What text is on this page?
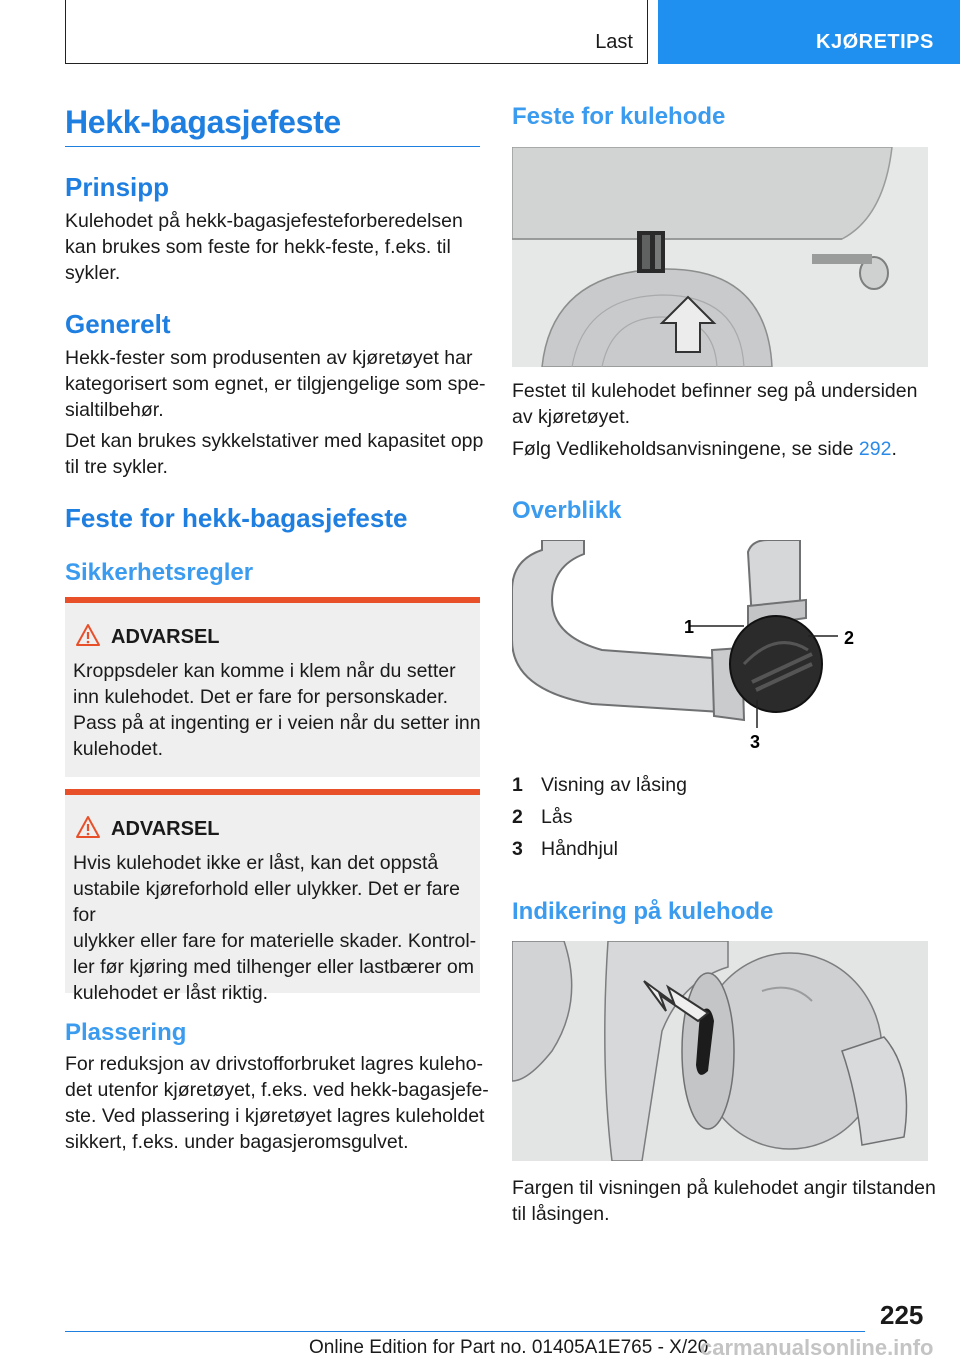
Last	KJØRETIPS
Hekk-bagasjefeste
Prinsipp
Kulehodet på hekk-bagasjefesteforberedelsen
kan brukes som feste for hekk-feste, f.eks. til
sykler.
Generelt
Hekk-fester som produsenten av kjøretøyet har
kategorisert som egnet, er tilgjengelige som spe-
sialtilbehør.
Det kan brukes sykkelstativer med kapasitet opp
til tre sykler.
Feste for hekk-bagasjefeste
Sikkerhetsregler
ADVARSEL
Kroppsdeler kan komme i klem når du setter
inn kulehodet. Det er fare for personskader.
Pass på at ingenting er i veien når du setter inn
kulehodet.
ADVARSEL
Hvis kulehodet ikke er låst, kan det oppstå
ustabile kjøreforhold eller ulykker. Det er fare for
ulykker eller fare for materielle skader. Kontrol-
ler før kjøring med tilhenger eller lastbærer om
kulehodet er låst riktig.
Plassering
For reduksjon av drivstofforbruket lagres kuleho-
det utenfor kjøretøyet, f.eks. ved hekk-bagasjefe-
ste. Ved plassering i kjøretøyet lagres kuleholdet
sikkert, f.eks. under bagasjeromsgulvet.
Feste for kulehode
Festet til kulehodet befinner seg på undersiden
av kjøretøyet.
Følg Vedlikeholdsanvisningene, se side 292.
Overblikk
1
2
3
1 Visning av låsing
2 Lås
3 Håndhjul
Indikering på kulehode
Fargen til visningen på kulehodet angir tilstanden
til låsingen.
225
Online Edition for Part no. 01405A1E765 - X/20
carmanualsonline.info
